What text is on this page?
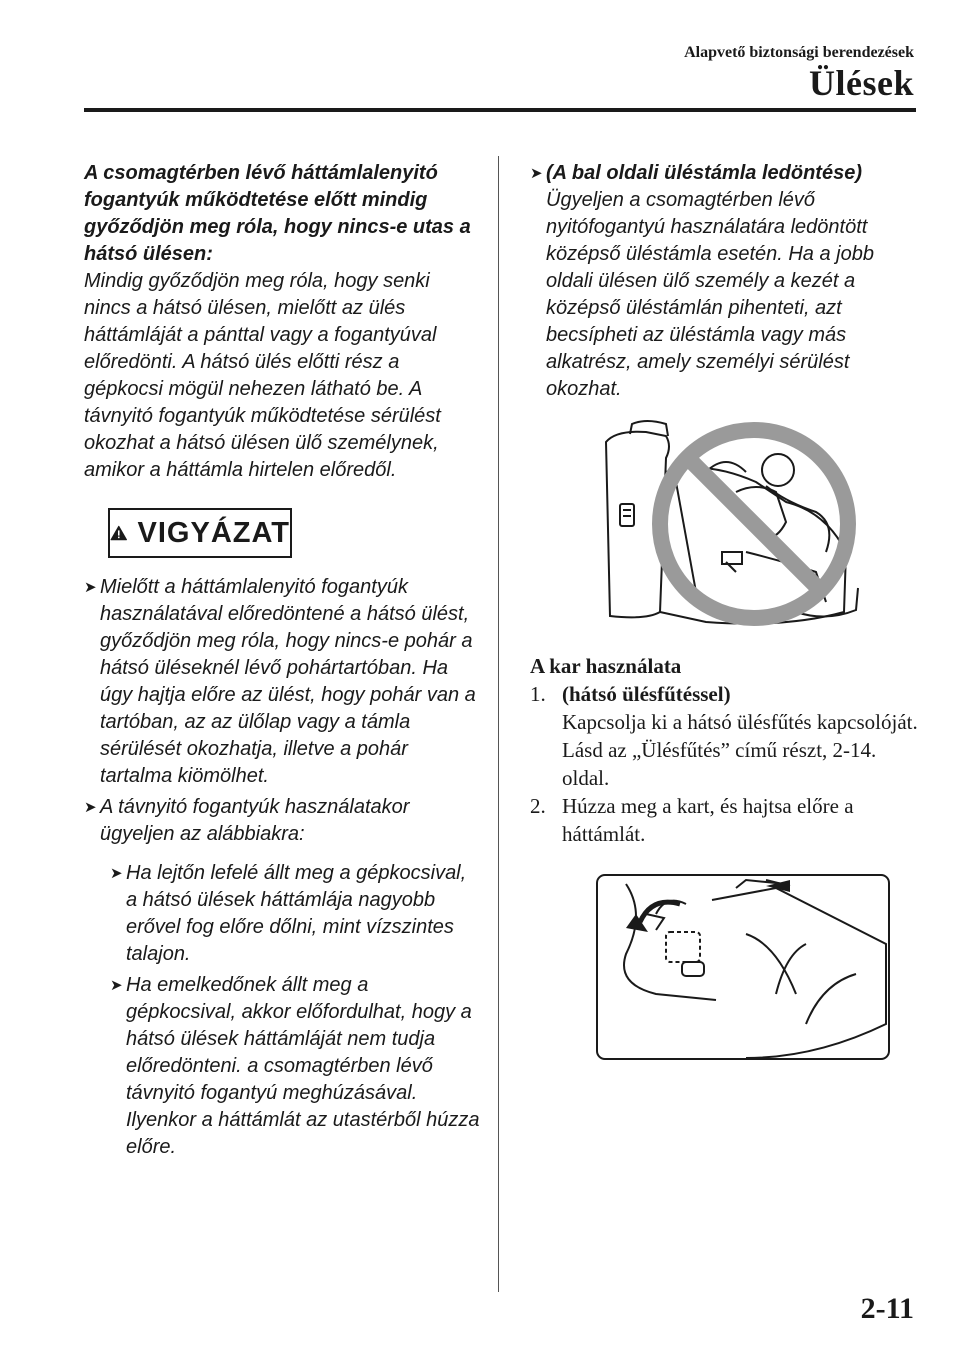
Alapvető biztonsági berendezések
Ülések

A csomagtérben lévő háttámlalenyitó fogantyúk működtetése előtt mindig győződjön meg róla, hogy nincs-e utas a hátsó ülésen:

Mindig győződjön meg róla, hogy senki nincs a hátsó ülésen, mielőtt az ülés háttámláját a pánttal vagy a fogantyúval előredönti. A hátsó ülés előtti rész a gépkocsi mögül nehezen látható be. A távnyitó fogantyúk működtetése sérülést okozhat a hátsó ülésen ülő személynek, amikor a háttámla hirtelen előredől.

VIGYÁZAT
➤ Mielőtt a háttámlalenyitó fogantyúk használatával előredöntené a hátsó ülést, győződjön meg róla, hogy nincs-e pohár a hátsó üléseknél lévő pohártartóban. Ha úgy hajtja előre az ülést, hogy pohár van a tartóban, az az ülőlap vagy a támla sérülését okozhatja, illetve a pohár tartalma kiömölhet.
➤ A távnyitó fogantyúk használatakor ügyeljen az alábbiakra:
➤ Ha lejtőn lefelé állt meg a gépkocsival, a hátsó ülések háttámlája nagyobb erővel fog előre dőlni, mint vízszintes talajon.
➤ Ha emelkedőnek állt meg a gépkocsival, akkor előfordulhat, hogy a hátsó ülések háttámláját nem tudja előredönteni. a csomagtérben lévő távnyitó fogantyú meghúzásával. Ilyenkor a háttámlát az utastérből húzza előre.
➤ (A bal oldali üléstámla ledöntése)

Ügyeljen a csomagtérben lévő nyitófogantyú használatára ledöntött középső üléstámla esetén. Ha a jobb oldali ülésen ülő személy a kezét a középső üléstámlán pihenteti, azt becsípheti az üléstámla vagy más alkatrész, amely személyi sérülést okozhat.

A kar használata

1. (hátsó ülésfűtéssel)

Kapcsolja ki a hátsó ülésfűtés kapcsolóját.

Lásd az „Ülésfűtés” című részt, 2-14. oldal.

2. Húzza meg a kart, és hajtsa előre a háttámlát.

2-11
